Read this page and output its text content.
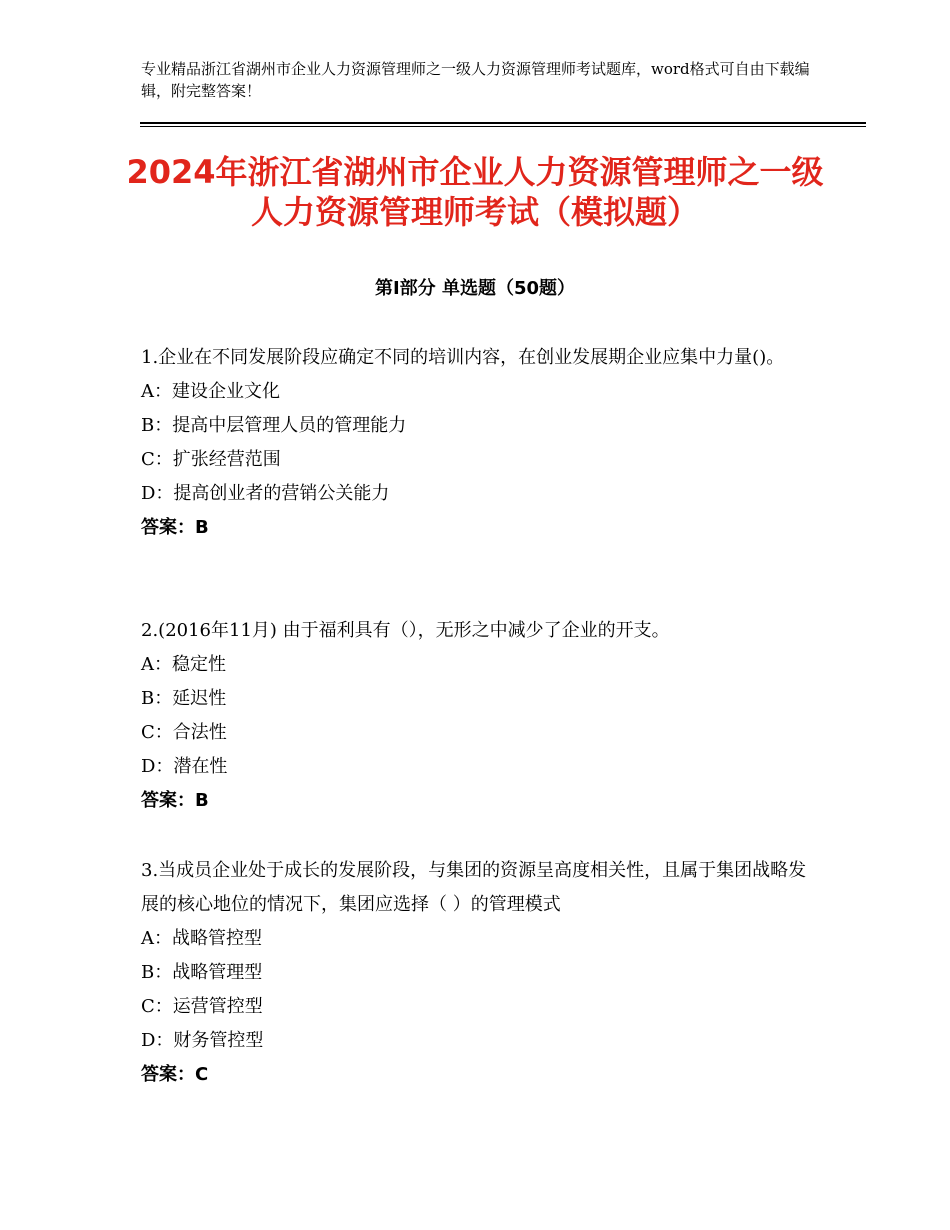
专业精品浙江省湖州市企业人力资源管理师之一级人力资源管理师考试题库，word格式可自由下载编辑，附完整答案！
2024年浙江省湖州市企业人力资源管理师之一级人力资源管理师考试（模拟题）
第Ⅰ部分 单选题（50题）

1.企业在不同发展阶段应确定不同的培训内容，在创业发展期企业应集中力量()。

A：建设企业文化

B：提高中层管理人员的管理能力

C：扩张经营范围

D：提高创业者的营销公关能力

答案：B

2.(2016年11月) 由于福利具有（），无形之中减少了企业的开支。

A：稳定性

B：延迟性

C：合法性

D：潜在性

答案：B

3.当成员企业处于成长的发展阶段，与集团的资源呈高度相关性，且属于集团战略发展的核心地位的情况下，集团应选择（ ）的管理模式

A：战略管控型

B：战略管理型

C：运营管控型

D：财务管控型

答案：C
